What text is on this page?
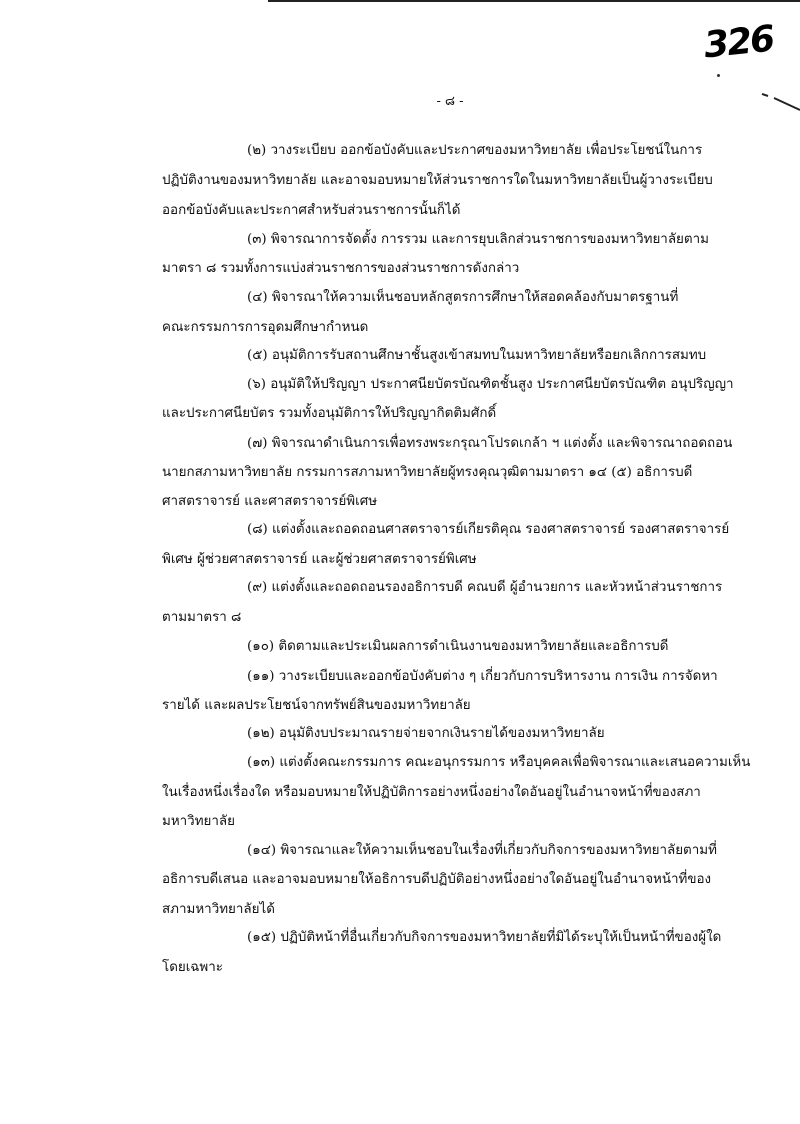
326
- ๘ -
(๒) วางระเบียบ ออกข้อบังคับและประกาศของมหาวิทยาลัย เพื่อประโยชน์ในการ
ปฏิบัติงานของมหาวิทยาลัย และอาจมอบหมายให้ส่วนราชการใดในมหาวิทยาลัยเป็นผู้วางระเบียบ
ออกข้อบังคับและประกาศสำหรับส่วนราชการนั้นก็ได้
(๓) พิจารณาการจัดตั้ง การรวม และการยุบเลิกส่วนราชการของมหาวิทยาลัยตาม
มาตรา ๘ รวมทั้งการแบ่งส่วนราชการของส่วนราชการดังกล่าว
(๔) พิจารณาให้ความเห็นชอบหลักสูตรการศึกษาให้สอดคล้องกับมาตรฐานที่
คณะกรรมการการอุดมศึกษากำหนด
(๕) อนุมัติการรับสถานศึกษาชั้นสูงเข้าสมทบในมหาวิทยาลัยหรือยกเลิกการสมทบ
(๖) อนุมัติให้ปริญญา ประกาศนียบัตรบัณฑิตชั้นสูง ประกาศนียบัตรบัณฑิต อนุปริญญา
และประกาศนียบัตร รวมทั้งอนุมัติการให้ปริญญากิตติมศักดิ์
(๗) พิจารณาดำเนินการเพื่อทรงพระกรุณาโปรดเกล้า ฯ แต่งตั้ง และพิจารณาถอดถอน
นายกสภามหาวิทยาลัย กรรมการสภามหาวิทยาลัยผู้ทรงคุณวุฒิตามมาตรา ๑๔ (๕) อธิการบดี
ศาสตราจารย์ และศาสตราจารย์พิเศษ
(๘) แต่งตั้งและถอดถอนศาสตราจารย์เกียรติคุณ รองศาสตราจารย์ รองศาสตราจารย์
พิเศษ ผู้ช่วยศาสตราจารย์ และผู้ช่วยศาสตราจารย์พิเศษ
(๙) แต่งตั้งและถอดถอนรองอธิการบดี คณบดี ผู้อำนวยการ และหัวหน้าส่วนราชการ
ตามมาตรา ๘
(๑๐) ติดตามและประเมินผลการดำเนินงานของมหาวิทยาลัยและอธิการบดี
(๑๑) วางระเบียบและออกข้อบังคับต่าง ๆ เกี่ยวกับการบริหารงาน การเงิน การจัดหา
รายได้ และผลประโยชน์จากทรัพย์สินของมหาวิทยาลัย
(๑๒) อนุมัติงบประมาณรายจ่ายจากเงินรายได้ของมหาวิทยาลัย
(๑๓) แต่งตั้งคณะกรรมการ คณะอนุกรรมการ หรือบุคคลเพื่อพิจารณาและเสนอความเห็น
ในเรื่องหนึ่งเรื่องใด หรือมอบหมายให้ปฏิบัติการอย่างหนึ่งอย่างใดอันอยู่ในอำนาจหน้าที่ของสภา
มหาวิทยาลัย
(๑๔) พิจารณาและให้ความเห็นชอบในเรื่องที่เกี่ยวกับกิจการของมหาวิทยาลัยตามที่
อธิการบดีเสนอ และอาจมอบหมายให้อธิการบดีปฏิบัติอย่างหนึ่งอย่างใดอันอยู่ในอำนาจหน้าที่ของ
สภามหาวิทยาลัยได้
(๑๕) ปฏิบัติหน้าที่อื่นเกี่ยวกับกิจการของมหาวิทยาลัยที่มิได้ระบุให้เป็นหน้าที่ของผู้ใด
โดยเฉพาะ
